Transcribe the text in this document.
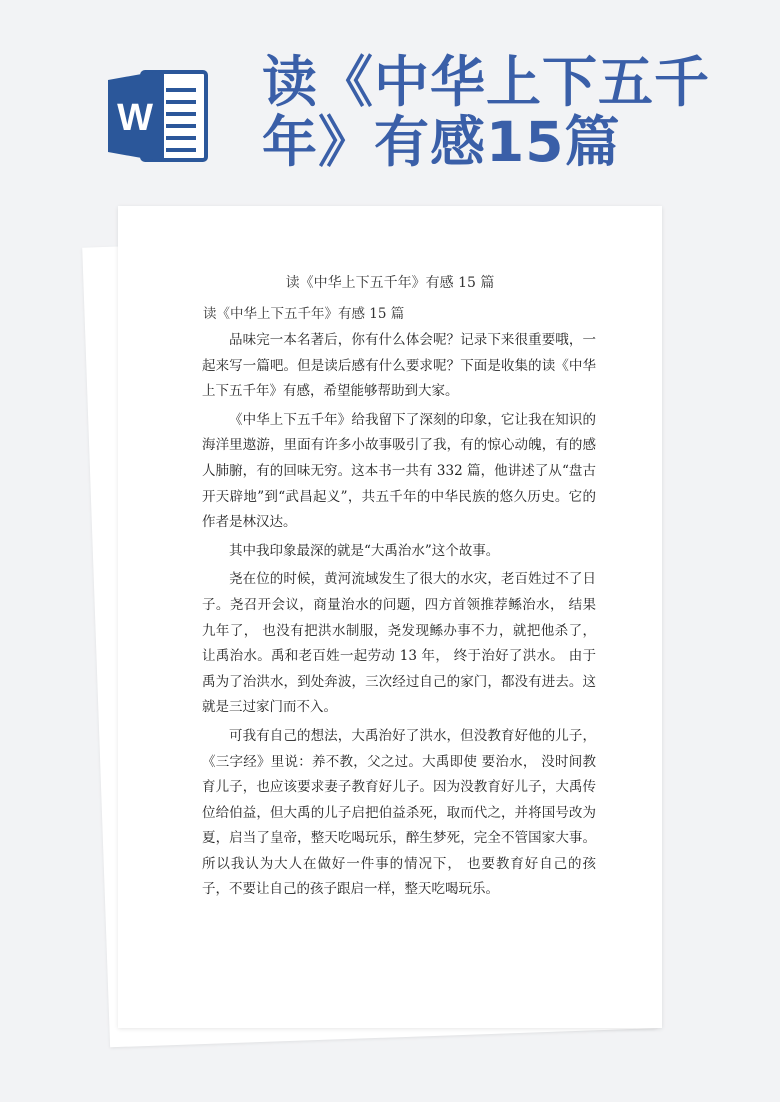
W
读《中华上下五千
年》有感15篇
读《中华上下五千年》有感 15 篇
读《中华上下五千年》有感 15 篇

品味完一本名著后，你有什么体会呢？记录下来很重要哦，一起来写一篇吧。但是读后感有什么要求呢？下面是收集的读《中华上下五千年》有感，希望能够帮助到大家。

《中华上下五千年》给我留下了深刻的印象，它让我在知识的海洋里遨游，里面有许多小故事吸引了我，有的惊心动魄，有的感人肺腑，有的回味无穷。这本书一共有 332 篇，他讲述了从“盘古开天辟地”到“武昌起义”，共五千年的中华民族的悠久历史。它的作者是林汉达。

其中我印象最深的就是“大禹治水”这个故事。

尧在位的时候，黄河流域发生了很大的水灾，老百姓过不了日子。尧召开会议，商量治水的问题，四方首领推荐鲧治水， 结果九年了， 也没有把洪水制服，尧发现鲧办事不力，就把他杀了，让禹治水。禹和老百姓一起劳动 13 年， 终于治好了洪水。 由于禹为了治洪水，到处奔波，三次经过自己的家门，都没有进去。这就是三过家门而不入。

可我有自己的想法，大禹治好了洪水，但没教育好他的儿子，《三字经》里说：养不教，父之过。大禹即使 要治水， 没时间教育儿子，也应该要求妻子教育好儿子。因为没教育好儿子，大禹传位给伯益，但大禹的儿子启把伯益杀死，取而代之，并将国号改为夏，启当了皇帝，整天吃喝玩乐，醉生梦死，完全不管国家大事。所以我认为大人在做好一件事的情况下， 也要教育好自己的孩子，不要让自己的孩子跟启一样，整天吃喝玩乐。
